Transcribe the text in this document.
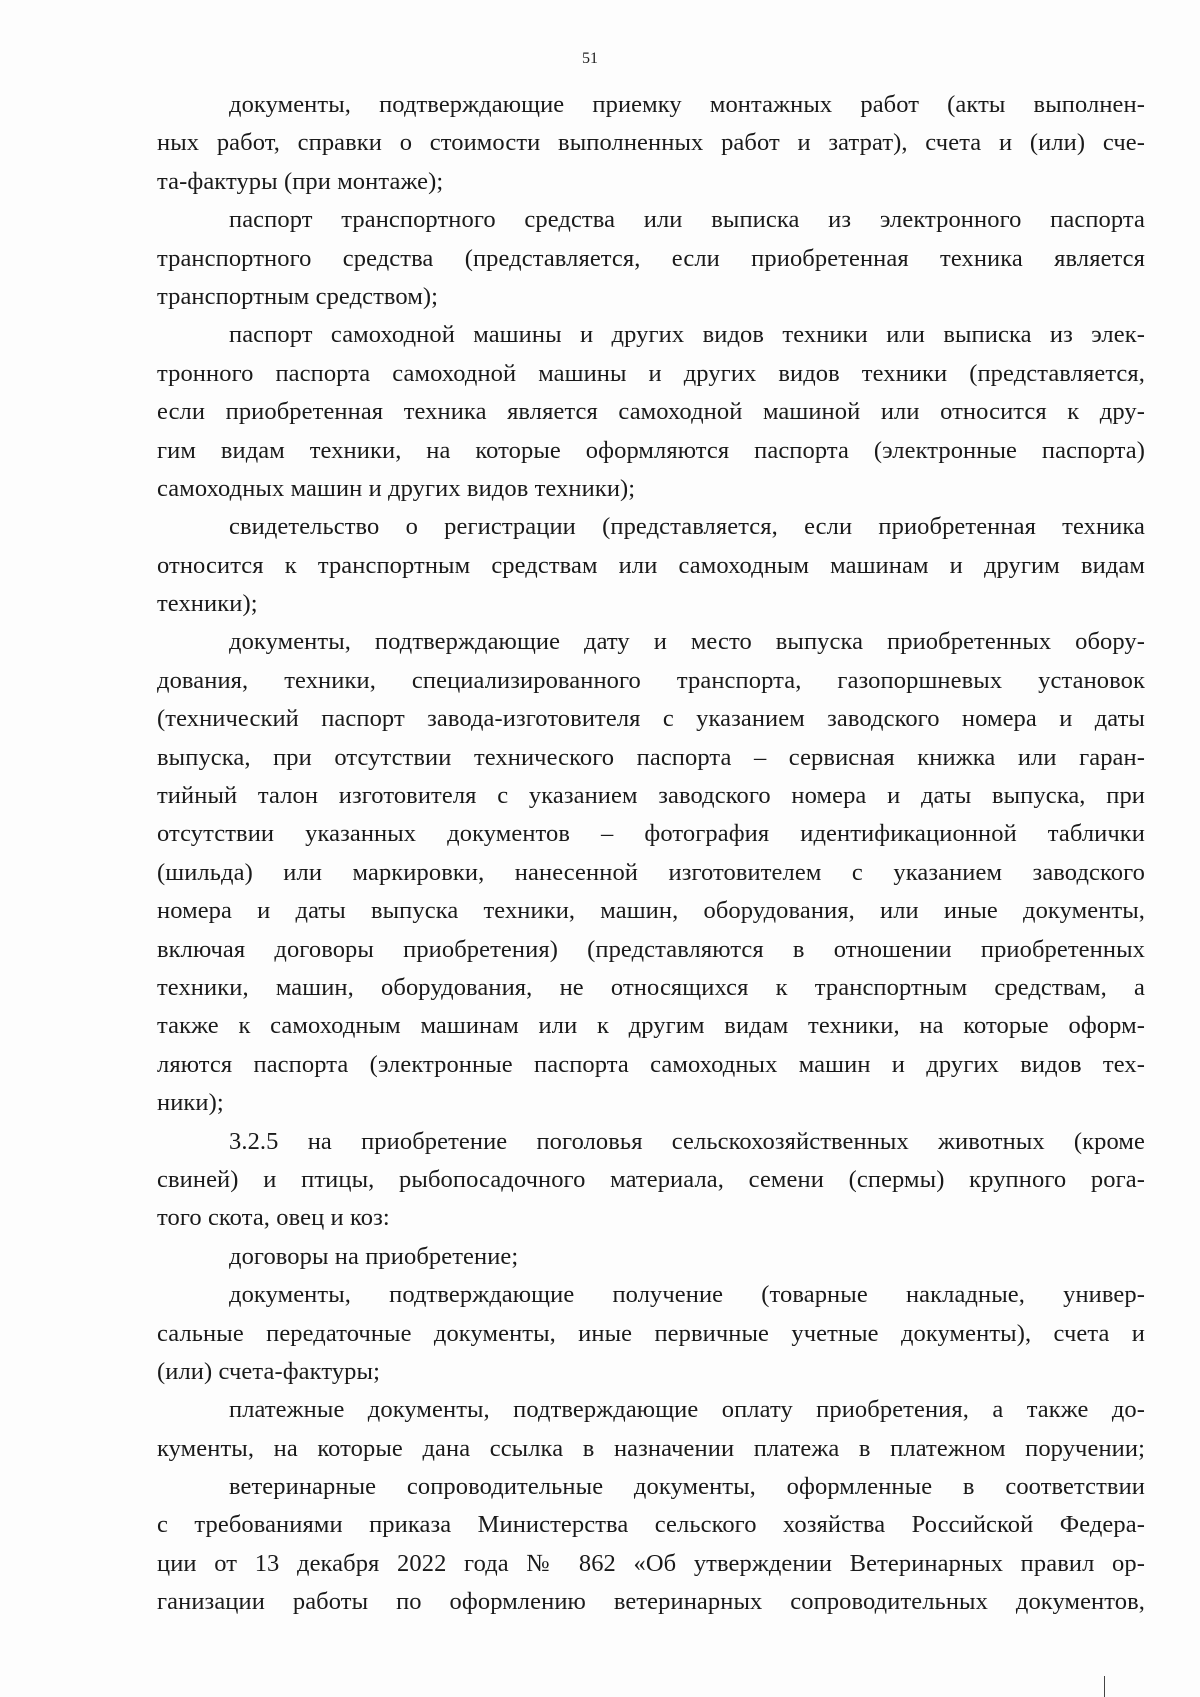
51
документы, подтверждающие приемку монтажных работ (акты выполнен-
ных работ, справки о стоимости выполненных работ и затрат), счета и (или) сче-
та-фактуры (при монтаже);
паспорт транспортного средства или выписка из электронного паспорта
транспортного средства (представляется, если приобретенная техника является
транспортным средством);
паспорт самоходной машины и других видов техники или выписка из элек-
тронного паспорта самоходной машины и других видов техники (представляется,
если приобретенная техника является самоходной машиной или относится к дру-
гим видам техники, на которые оформляются паспорта (электронные паспорта)
самоходных машин и других видов техники);
свидетельство о регистрации (представляется, если приобретенная техника
относится к транспортным средствам или самоходным машинам и другим видам
техники);
документы, подтверждающие дату и место выпуска приобретенных обору-
дования, техники, специализированного транспорта, газопоршневых установок
(технический паспорт завода-изготовителя с указанием заводского номера и даты
выпуска, при отсутствии технического паспорта – сервисная книжка или гаран-
тийный талон изготовителя с указанием заводского номера и даты выпуска, при
отсутствии указанных документов – фотография идентификационной таблички
(шильда) или маркировки, нанесенной изготовителем с указанием заводского
номера и даты выпуска техники, машин, оборудования, или иные документы,
включая договоры приобретения) (представляются в отношении приобретенных
техники, машин, оборудования, не относящихся к транспортным средствам, а
также к самоходным машинам или к другим видам техники, на которые оформ-
ляются паспорта (электронные паспорта самоходных машин и других видов тех-
ники);
3.2.5 на приобретение поголовья сельскохозяйственных животных (кроме
свиней) и птицы, рыбопосадочного материала, семени (спермы) крупного рога-
того скота, овец и коз:
договоры на приобретение;
документы, подтверждающие получение (товарные накладные, универ-
сальные передаточные документы, иные первичные учетные документы), счета и
(или) счета-фактуры;
платежные документы, подтверждающие оплату приобретения, а также до-
кументы, на которые дана ссылка в назначении платежа в платежном поручении;
ветеринарные сопроводительные документы, оформленные в соответствии
с требованиями приказа Министерства сельского хозяйства Российской Федера-
ции от 13 декабря 2022 года № 862 «Об утверждении Ветеринарных правил ор-
ганизации работы по оформлению ветеринарных сопроводительных документов,
